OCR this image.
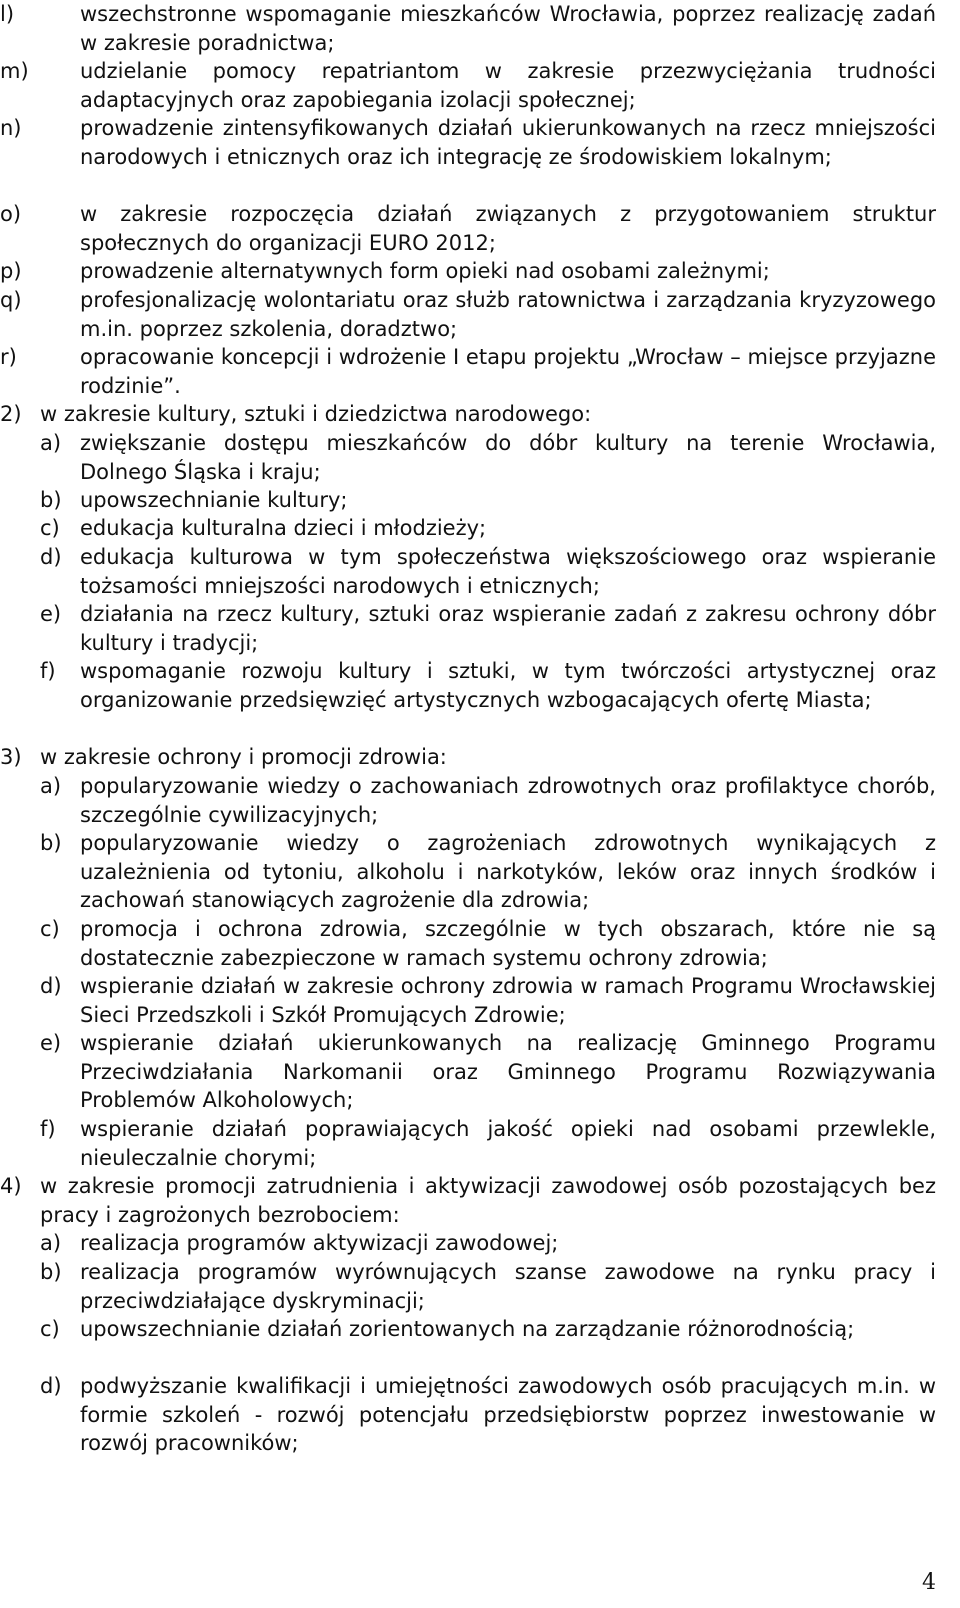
l)	wszechstronne wspomaganie mieszkańców Wrocławia, poprzez realizację zadań w zakresie poradnictwa;
m) udzielanie pomocy repatriantom w zakresie przezwyciężania trudności adaptacyjnych oraz zapobiegania izolacji społecznej;
n)	prowadzenie zintensyfikowanych działań ukierunkowanych na rzecz mniejszości narodowych i etnicznych oraz ich integrację ze środowiskiem lokalnym;
o)	w zakresie rozpoczęcia działań związanych z przygotowaniem struktur społecznych do organizacji EURO 2012;
p)	prowadzenie alternatywnych form opieki nad osobami zależnymi;
q)	profesjonalizację wolontariatu oraz służb ratownictwa i zarządzania kryzyzowego m.in. poprzez szkolenia, doradztwo;
r)	opracowanie koncepcji i wdrożenie I etapu projektu „Wrocław – miejsce przyjazne rodzinie”.
2) w zakresie kultury, sztuki i dziedzictwa narodowego:
a) zwiększanie dostępu mieszkańców do dóbr kultury na terenie Wrocławia, Dolnego Śląska i kraju;
b) upowszechnianie kultury;
c) edukacja kulturalna dzieci i młodzieży;
d) edukacja kulturowa w tym społeczeństwa większościowego oraz wspieranie tożsamości mniejszości narodowych i etnicznych;
e) działania na rzecz kultury, sztuki oraz wspieranie zadań z zakresu ochrony dóbr kultury i tradycji;
f) wspomaganie rozwoju kultury i sztuki, w tym twórczości artystycznej oraz organizowanie przedsięwzięć artystycznych wzbogacających ofertę Miasta;
3) w zakresie ochrony i promocji zdrowia:
a) popularyzowanie wiedzy o zachowaniach zdrowotnych oraz profilaktyce chorób, szczególnie cywilizacyjnych;
b) popularyzowanie wiedzy o zagrożeniach zdrowotnych wynikających z uzależnienia od tytoniu, alkoholu i narkotyków, leków oraz innych środków i zachowań stanowiących zagrożenie dla zdrowia;
c) promocja i ochrona zdrowia, szczególnie w tych obszarach, które nie są dostatecznie zabezpieczone w ramach systemu ochrony zdrowia;
d) wspieranie działań w zakresie ochrony zdrowia w ramach Programu Wrocławskiej Sieci Przedszkoli i Szkół Promujących Zdrowie;
e) wspieranie działań ukierunkowanych na realizację Gminnego Programu Przeciwdziałania Narkomanii oraz Gminnego Programu Rozwiązywania Problemów Alkoholowych;
f) wspieranie działań poprawiających jakość opieki nad osobami przewlekle, nieuleczalnie chorymi;
4) w zakresie promocji zatrudnienia i aktywizacji zawodowej osób pozostających bez pracy i zagrożonych bezrobociem:
a) realizacja programów aktywizacji zawodowej;
b) realizacja programów wyrównujących szanse zawodowe na rynku pracy i przeciwdziałające dyskryminacji;
c) upowszechnianie działań zorientowanych na zarządzanie różnorodnością;
d) podwyższanie kwalifikacji i umiejętności zawodowych osób pracujących m.in. w formie szkoleń - rozwój potencjału przedsiębiorstw poprzez inwestowanie w rozwój pracowników;
4
